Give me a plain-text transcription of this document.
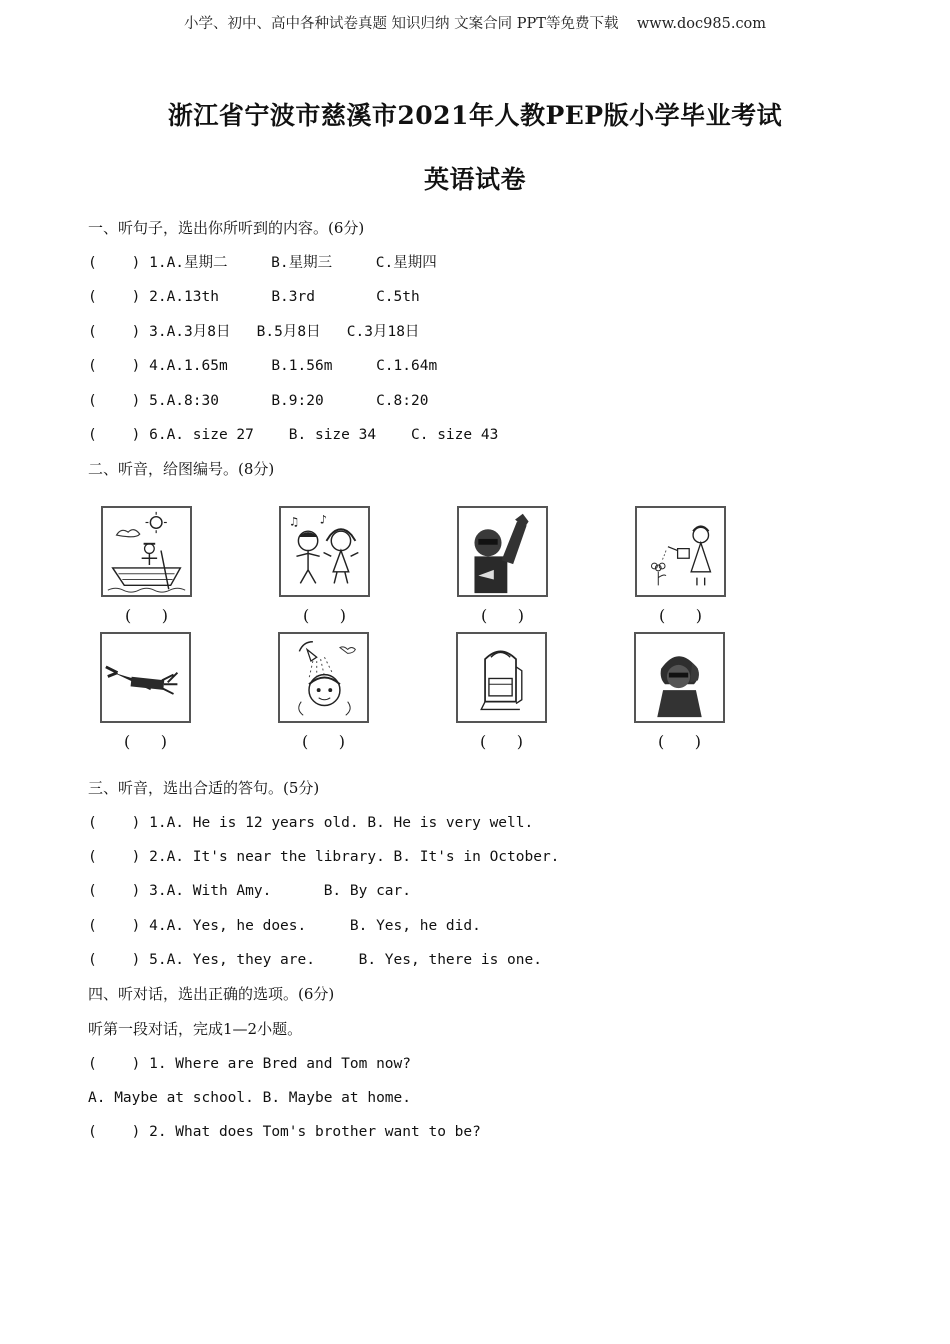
小学、初中、高中各种试卷真题 知识归纳 文案合同 PPT等免费下载    www.doc985.com
浙江省宁波市慈溪市2021年人教PEP版小学毕业考试
英语试卷
一、听句子，选出你所听到的内容。(6分)
(    ) 1.A.星期二     B.星期三     C.星期四
(    ) 2.A.13th      B.3rd       C.5th
(    ) 3.A.3月8日   B.5月8日   C.3月18日
(    ) 4.A.1.65m     B.1.56m     C.1.64m
(    ) 5.A.8:30      B.9:20      C.8:20
(    ) 6.A. size 27    B. size 34    C. size 43
二、听音，给图编号。(8分)
♪
♫
(      )	(      )	(      )	(      )
(      )	(      )	(      )	(      )
三、听音，选出合适的答句。(5分)
(    ) 1.A. He is 12 years old. B. He is very well.
(    ) 2.A. It's near the library. B. It's in October.
(    ) 3.A. With Amy.      B. By car.
(    ) 4.A. Yes, he does.     B. Yes, he did.
(    ) 5.A. Yes, they are.     B. Yes, there is one.
四、听对话，选出正确的选项。(6分)
听第一段对话，完成1—2小题。
(    ) 1. Where are Bred and Tom now?
A. Maybe at school. B. Maybe at home.
(    ) 2. What does Tom's brother want to be?
